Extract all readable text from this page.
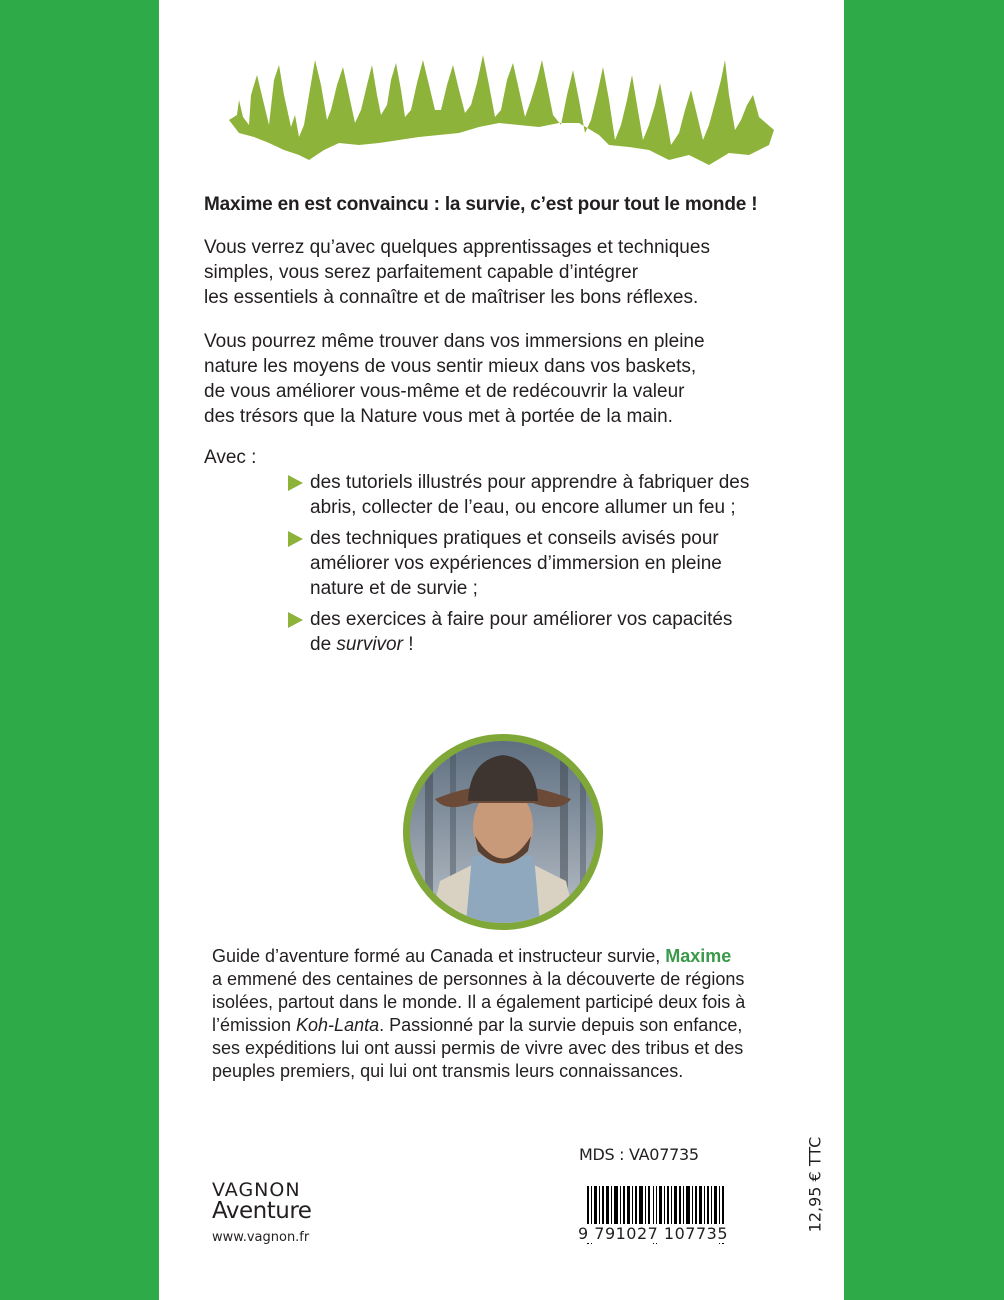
Maxime en est convaincu : la survie, c’est pour tout le monde !
Vous verrez qu’avec quelques apprentissages et techniques
simples, vous serez parfaitement capable d’intégrer
les essentiels à connaître et de maîtriser les bons réflexes.
Vous pourrez même trouver dans vos immersions en pleine
nature les moyens de vous sentir mieux dans vos baskets,
de vous améliorer vous-même et de redécouvrir la valeur
des trésors que la Nature vous met à portée de la main.
Avec :
des tutoriels illustrés pour apprendre à fabriquer des
abris, collecter de l’eau, ou encore allumer un feu ;
des techniques pratiques et conseils avisés pour
améliorer vos expériences d’immersion en pleine
nature et de survie ;
des exercices à faire pour améliorer vos capacités
de survivor !
Guide d’aventure formé au Canada et instructeur survie, Maxime
a emmené des centaines de personnes à la découverte de régions
isolées, partout dans le monde. Il a également participé deux fois à
l’émission Koh-Lanta. Passionné par la survie depuis son enfance,
ses expéditions lui ont aussi permis de vivre avec des tribus et des
peuples premiers, qui lui ont transmis leurs connaissances.
VAGNON
Aventure
www.vagnon.fr
MDS : VA07735
9 791027 107735
12,95 € TTC
